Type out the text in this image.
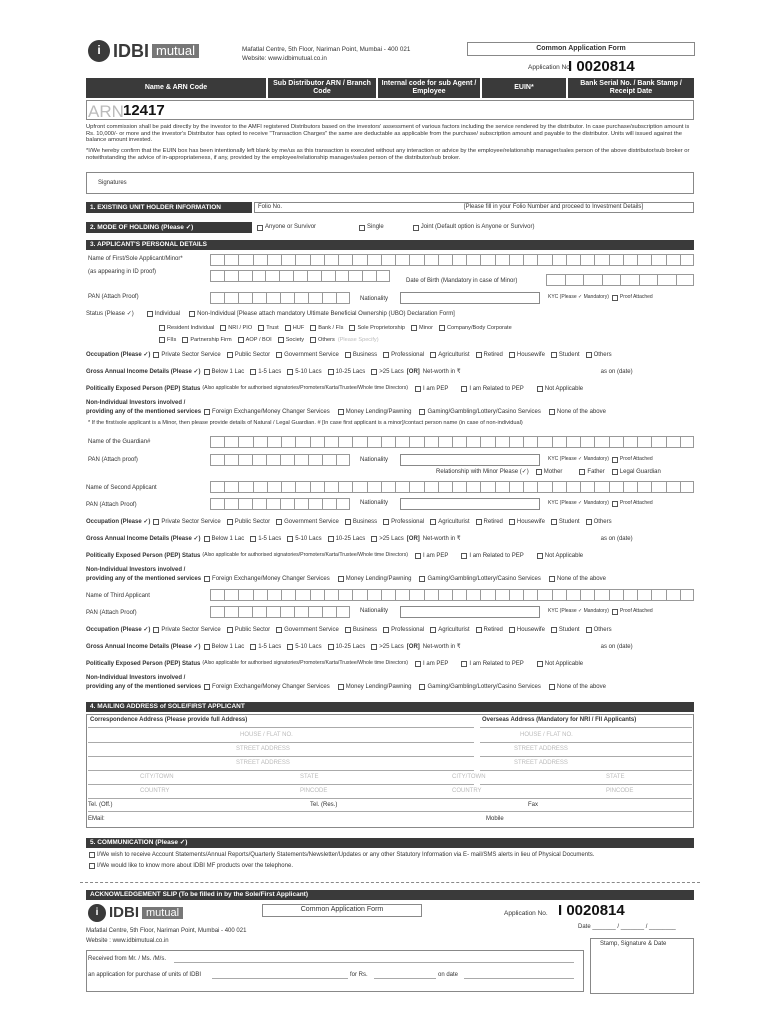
i IDBI mutual	Mafatlal Centre, 5th Floor, Nariman Point, Mumbai - 400 021
Website: www.idbimutual.co.in
Common Application Form
Application No.
I 0020814
Name & ARN Code
Sub Distributor ARN / Branch Code
Internal code for sub Agent / Employee
EUIN*
Bank Serial No. / Bank Stamp / Receipt Date
ARN 12417
Upfront commission shall be paid directly by the investor to the AMFI registered Distributors based on the investors' assessment of various factors including the service rendered by the distributor. In case purchase/subscription amount is Rs. 10,000/- or more and the investor's Distributor has opted to receive "Transaction Charges" the same are deductable as applicable from the purchase/ subscription amount and payable to the distributor. Units will issued against the balance amount invested.
*I/We hereby confirm that the EUIN box has been intentionally left blank by me/us as this transaction is executed without any interaction or advice by the employee/relationship manager/sales person of the above distributor/sub broker or notwithstanding the advice of in-appropriateness, if any, provided by the employee/relationship manager/sales person of the distributor/sub broker.
Signatures
1. EXISTING UNIT HOLDER INFORMATION	Folio No.	[Please fill in your Folio Number and proceed to Investment Details]
2. MODE OF HOLDING (Please ✓)	Anyone or Survivor	Single	Joint (Default option is Anyone or Survivor)
3. APPLICANT'S PERSONAL DETAILS
Name of First/Sole Applicant/Minor*
(as appearing in ID proof)
Date of Birth (Mandatory in case of Minor)
PAN (Attach Proof)	Nationality	KYC (Please ✓ Mandatory) Proof Attached
Status (Please ✓)	Individual	Non-Individual [Please attach mandatory Ultimate Beneficial Ownership (UBO) Declaration Form]
Resident Individual	NRI / PIO	Trust	HUF	Bank / FIs	Sole Proprietorship	Minor	Company/Body Corporate
FIIs	Partnership Firm	AOP / BOI	Society	Others (Please Specify)
Occupation (Please ✓) Private Sector Service Public Sector Government Service Business Professional Agriculturist Retired Housewife Student Others
Gross Annual Income Details (Please ✓) Below 1 Lac 1-5 Lacs 5-10 Lacs 10-25 Lacs >25 Lacs [OR] Net-worth in ₹	as on (date)
Politically Exposed Person (PEP) Status (Also applicable for authorised signatories/Promoters/Karta/Trustee/Whole time Directors)	I am PEP	I am Related to PEP	Not Applicable
Non-Individual Investors involved /
providing any of the mentioned services Foreign Exchange/Money Changer Services	Money Lending/Pawning	Gaming/Gambling/Lottery/Casino Services	None of the above
Name of Second Applicant
PAN (Attach Proof)	Nationality	KYC (Please ✓ Mandatory) Proof Attached
Occupation (Please ✓) Private Sector Service Public Sector Government Service Business Professional Agriculturist Retired Housewife Student Others
Gross Annual Income Details (Please ✓) Below 1 Lac 1-5 Lacs 5-10 Lacs 10-25 Lacs >25 Lacs [OR] Net-worth in ₹	as on (date)
Politically Exposed Person (PEP) Status (Also applicable for authorised signatories/Promoters/Karta/Trustee/Whole time Directors)	I am PEP	I am Related to PEP	Not Applicable
Non-Individual Investors involved /
providing any of the mentioned services Foreign Exchange/Money Changer Services	Money Lending/Pawning	Gaming/Gambling/Lottery/Casino Services	None of the above
Name of Third Applicant
PAN (Attach Proof)	Nationality	KYC (Please ✓ Mandatory) Proof Attached
Occupation (Please ✓) Private Sector Service Public Sector Government Service Business Professional Agriculturist Retired Housewife Student Others
Gross Annual Income Details (Please ✓) Below 1 Lac 1-5 Lacs 5-10 Lacs 10-25 Lacs >25 Lacs [OR] Net-worth in ₹	as on (date)
Politically Exposed Person (PEP) Status (Also applicable for authorised signatories/Promoters/Karta/Trustee/Whole time Directors)	I am PEP	I am Related to PEP	Not Applicable
Non-Individual Investors involved /
providing any of the mentioned services Foreign Exchange/Money Changer Services	Money Lending/Pawning	Gaming/Gambling/Lottery/Casino Services	None of the above
* If the first/sole applicant is a Minor, then please provide details of Natural / Legal Guardian. # [In case first applicant is a minor]/contact person name (in case of non-individual)
Name of the Guardian#
PAN (Attach proof)	Nationality	KYC (Please ✓ Mandatory) Proof Attached
Relationship with Minor Please (✓)	Mother	Father	Legal Guardian
4. MAILING ADDRESS of SOLE/FIRST APPLICANT
Correspondence Address (Please provide full Address)	Overseas Address (Mandatory for NRI / FII Applicants)
HOUSE / FLAT NO.	HOUSE / FLAT NO.
STREET ADDRESS	STREET ADDRESS
STREET ADDRESS	STREET ADDRESS
CITY/TOWN	STATE	CITY/TOWN	STATE
COUNTRY	PINCODE	COUNTRY	PINCODE
Tel. (Off.)	Tel. (Res.)	Fax
EMail:	Mobile
5. COMMUNICATION (Please ✓)
I/We wish to receive Account Statements/Annual Reports/Quarterly Statements/Newsletter/Updates or any other Statutory Information via E- mail/SMS alerts in lieu of Physical Documents.
I/We would like to know more about IDBI MF products over the telephone.
ACKNOWLEDGEMENT SLIP (To be filled in by the Sole/First Applicant)
i IDBI mutual	Common Application Form
Application No. I 0020814
Date _______ / _______ / ________
Mafatlal Centre, 5th Floor, Nariman Point, Mumbai - 400 021
Website : www.idbimutual.co.in	Stamp, Signature & Date
Received from Mr. / Ms. /M/s.
an application for purchase of units of IDBI	for Rs.	on date
